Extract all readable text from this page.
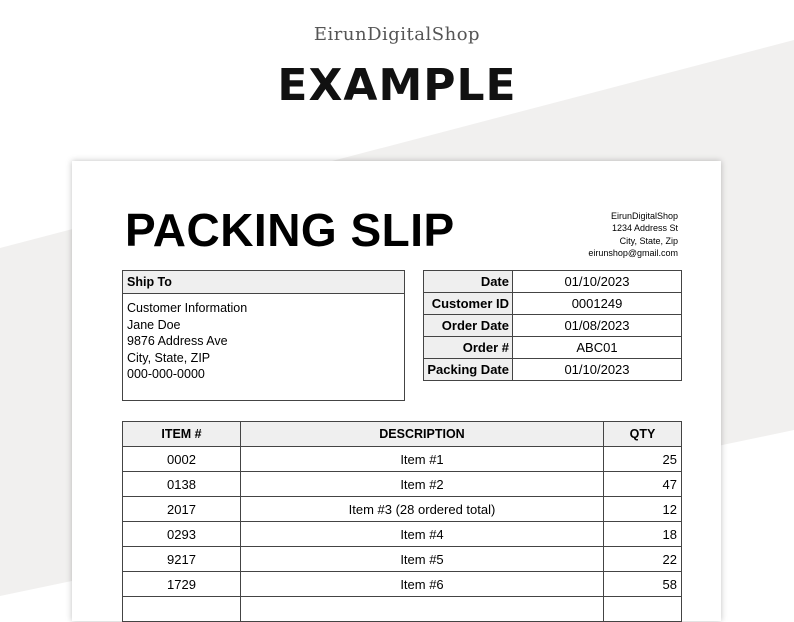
EirunDigitalShop
EXAMPLE
PACKING SLIP	EirunDigitalShop
1234 Address St
City, State, Zip
eirunshop@gmail.com
Ship To
Customer Information
Jane Doe
9876 Address Ave
City, State, ZIP
000-000-0000
Date	01/10/2023
Customer ID	0001249
Order Date	01/08/2023
Order #	ABC01
Packing Date	01/10/2023
ITEM #	DESCRIPTION	QTY
0002	Item #1	25
0138	Item #2	47
2017	Item #3 (28 ordered total)	12
0293	Item #4	18
9217	Item #5	22
1729	Item #6	58
